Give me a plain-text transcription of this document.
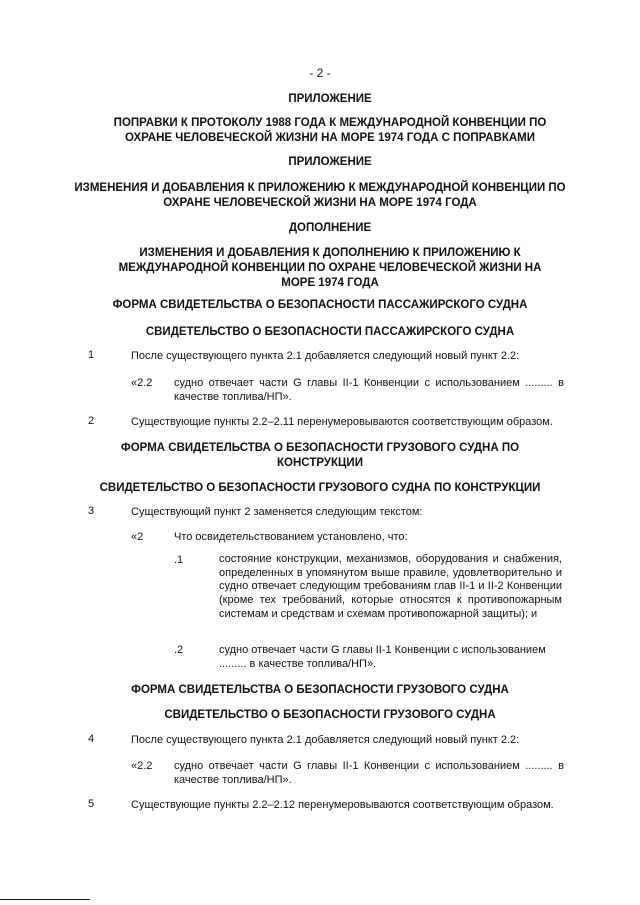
- 2 -
ПРИЛОЖЕНИЕ
ПОПРАВКИ К ПРОТОКОЛУ 1988 ГОДА К МЕЖДУНАРОДНОЙ КОНВЕНЦИИ ПО ОХРАНЕ ЧЕЛОВЕЧЕСКОЙ ЖИЗНИ НА МОРЕ 1974 ГОДА С ПОПРАВКАМИ
ПРИЛОЖЕНИЕ
ИЗМЕНЕНИЯ И ДОБАВЛЕНИЯ К ПРИЛОЖЕНИЮ К МЕЖДУНАРОДНОЙ КОНВЕНЦИИ ПО ОХРАНЕ ЧЕЛОВЕЧЕСКОЙ ЖИЗНИ НА МОРЕ 1974 ГОДА
ДОПОЛНЕНИЕ
ИЗМЕНЕНИЯ И ДОБАВЛЕНИЯ К ДОПОЛНЕНИЮ К ПРИЛОЖЕНИЮ К МЕЖДУНАРОДНОЙ КОНВЕНЦИИ ПО ОХРАНЕ ЧЕЛОВЕЧЕСКОЙ ЖИЗНИ НА МОРЕ 1974 ГОДА
ФОРМА СВИДЕТЕЛЬСТВА О БЕЗОПАСНОСТИ ПАССАЖИРСКОГО СУДНА
СВИДЕТЕЛЬСТВО О БЕЗОПАСНОСТИ ПАССАЖИРСКОГО СУДНА
1	После существующего пункта 2.1 добавляется следующий новый пункт 2.2:
«2.2 судно отвечает части G главы II-1 Конвенции с использованием ......... в качестве топлива/НП».
2	Существующие пункты 2.2–2.11 перенумеровываются соответствующим образом.
ФОРМА СВИДЕТЕЛЬСТВА О БЕЗОПАСНОСТИ ГРУЗОВОГО СУДНА ПО КОНСТРУКЦИИ
СВИДЕТЕЛЬСТВО О БЕЗОПАСНОСТИ ГРУЗОВОГО СУДНА ПО КОНСТРУКЦИИ
3	Существующий пункт 2 заменяется следующим текстом:
«2	Что освидетельствованием установлено, что:
.1	состояние конструкции, механизмов, оборудования и снабжения, определенных в упомянутом выше правиле, удовлетворительно и судно отвечает следующим требованиям глав II-1 и II-2 Конвенции (кроме тех требований, которые относятся к противопожарным системам и средствам и схемам противопожарной защиты); и
.2	судно отвечает части G главы II-1 Конвенции с использованием ......... в качестве топлива/НП».
ФОРМА СВИДЕТЕЛЬСТВА О БЕЗОПАСНОСТИ ГРУЗОВОГО СУДНА
СВИДЕТЕЛЬСТВО О БЕЗОПАСНОСТИ ГРУЗОВОГО СУДНА
4	После существующего пункта 2.1 добавляется следующий новый пункт 2.2:
«2.2 судно отвечает части G главы II-1 Конвенции с использованием ......... в качестве топлива/НП».
5	Существующие пункты 2.2–2.12 перенумеровываются соответствующим образом.
